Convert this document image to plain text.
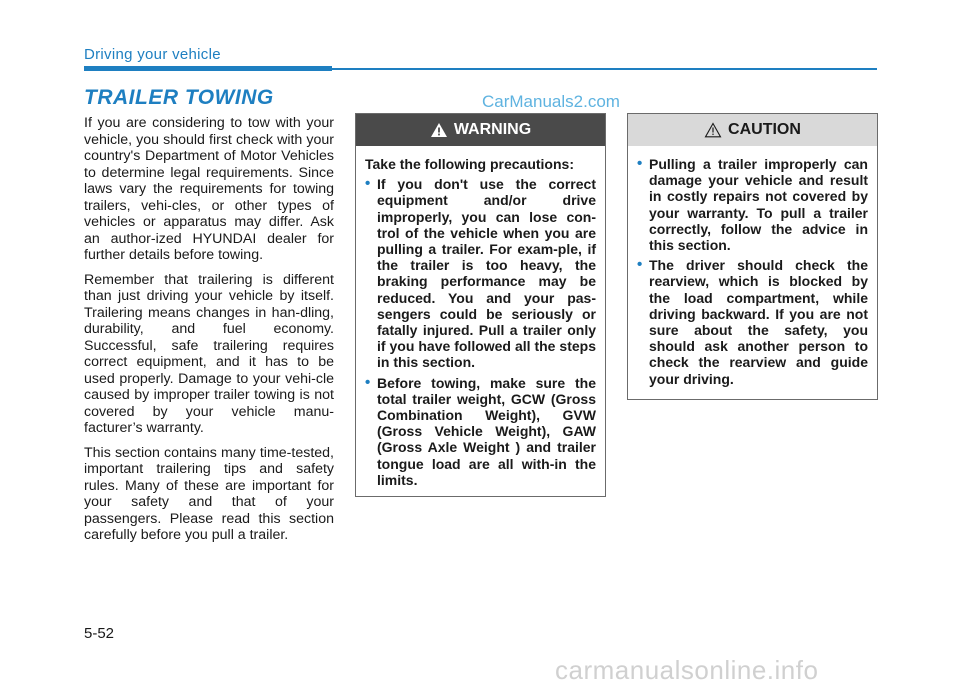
Driving your vehicle
TRAILER TOWING	CarManuals2.com

If you are considering to tow with your vehicle, you should first check with your country's Department of Motor Vehicles to determine legal requirements. Since laws vary the requirements for towing trailers, vehi-cles, or other types of vehicles or apparatus may differ. Ask an author-ized HYUNDAI dealer for further details before towing.

Remember that trailering is different than just driving your vehicle by itself. Trailering means changes in han-dling, durability, and fuel economy. Successful, safe trailering requires correct equipment, and it has to be used properly. Damage to your vehi-cle caused by improper trailer towing is not covered by your vehicle manu-facturer’s warranty.

This section contains many time-tested, important trailering tips and safety rules. Many of these are important for your safety and that of your passengers. Please read this section carefully before you pull a trailer.

WARNING

Take the following precautions:

• If you don't use the correct equipment and/or drive improperly, you can lose con-trol of the vehicle when you are pulling a trailer. For exam-ple, if the trailer is too heavy, the braking performance may be reduced. You and your pas-sengers could be seriously or fatally injured. Pull a trailer only if you have followed all the steps in this section.
• Before towing, make sure the total trailer weight, GCW (Gross Combination Weight), GVW (Gross Vehicle Weight), GAW (Gross Axle Weight ) and trailer tongue load are all with-in the limits.
CAUTION
• Pulling a trailer improperly can damage your vehicle and result in costly repairs not covered by your warranty. To pull a trailer correctly, follow the advice in this section.
• The driver should check the rearview, which is blocked by the load compartment, while driving backward. If you are not sure about the safety, you should ask another person to check the rearview and guide your driving.
5-52
carmanualsonline.info
